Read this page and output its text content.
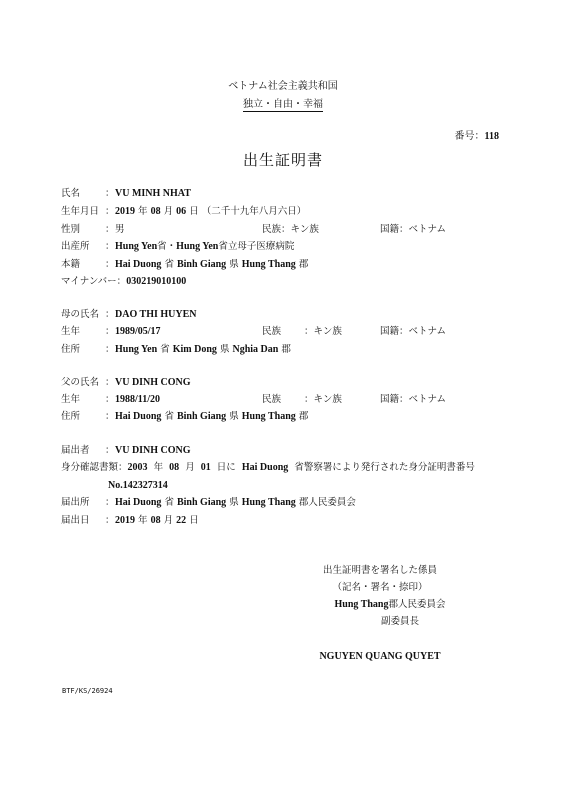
ベトナム社会主義共和国
独立・自由・幸福
番号：118
出生証明書
氏名	：VU MINH NHAT
生年月日 ：2019 年 08 月 06 日 （二千十九年八月六日）
性別	：男	民族：キン族	国籍：ベトナム
出産所 ：Hung Yen省・Hung Yen省立母子医療病院
本籍	：Hai Duong 省 Binh Giang 県 Hung Thang 郡
マイナンバー：030219010100
母の氏名 ：DAO THI HUYEN
生年	：1989/05/17	民族 ：キン族	国籍：ベトナム
住所	：Hung Yen 省 Kim Dong 県 Nghia Dan 郡
父の氏名 ：VU DINH CONG
生年	：1988/11/20	民族 ：キン族	国籍：ベトナム
住所	：Hai Duong 省 Binh Giang 県 Hung Thang 郡
届出者 ：VU DINH CONG
身分確認書類：2003 年 08 月 01 日に Hai Duong 省警察署により発行された身分証明書番号
No.142327314
届出所 ：Hai Duong 省 Binh Giang 県 Hung Thang 郡人民委員会
届出日 ：2019 年 08 月 22 日
出生証明書を署名した係員
（記名・署名・捺印）
Hung Thang郡人民委員会
副委員長
NGUYEN QUANG QUYET
BTF/KS/26924
